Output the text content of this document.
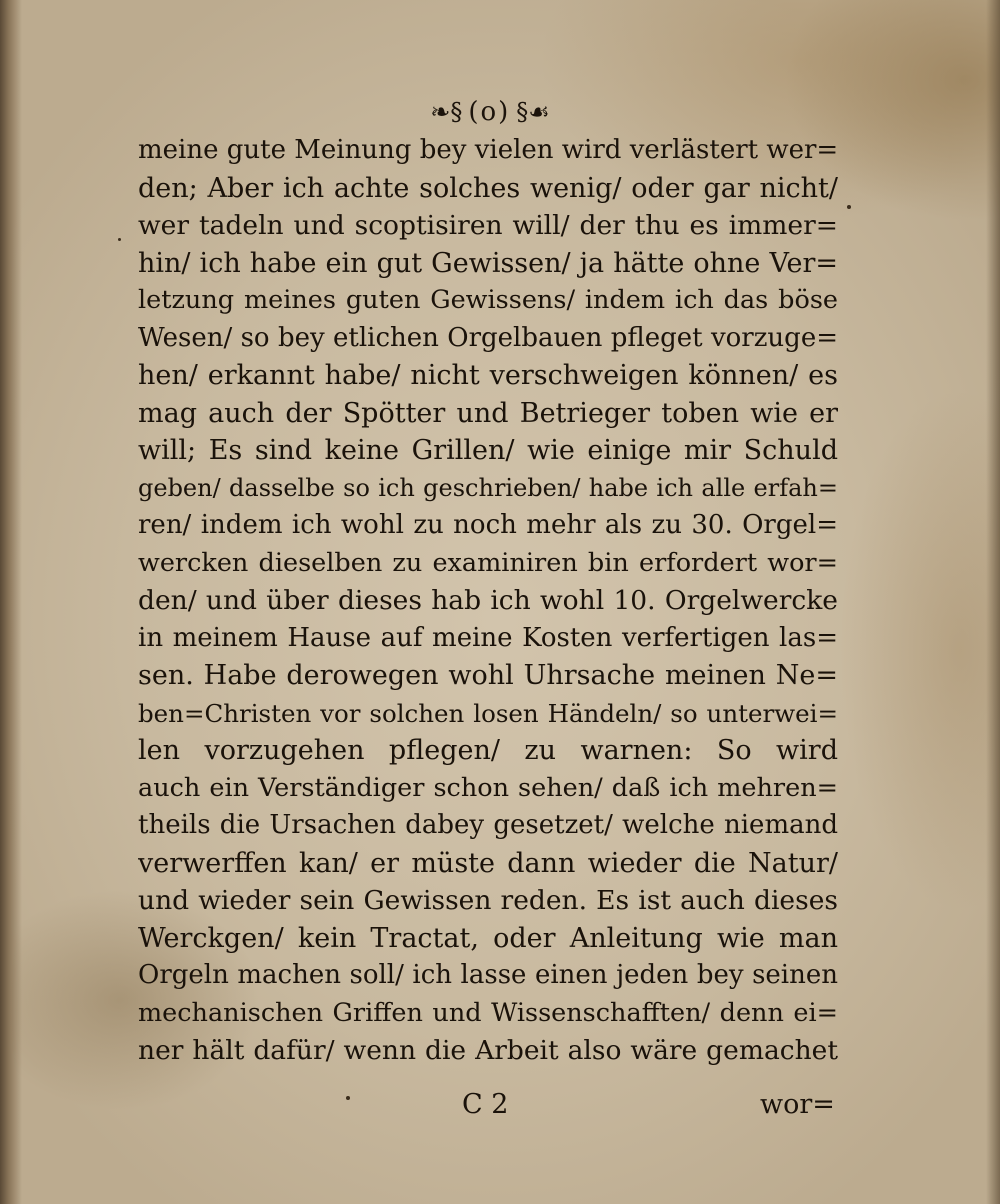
❧§ (o) §☙
meine gute Meinung bey vielen wird verlästert wer=
den; Aber ich achte solches wenig/ oder gar nicht/
wer tadeln und scoptisiren will/ der thu es immer=
hin/ ich habe ein gut Gewissen/ ja hätte ohne Ver=
letzung meines guten Gewissens/ indem ich das böse
Wesen/ so bey etlichen Orgelbauen pfleget vorzuge=
hen/ erkannt habe/ nicht verschweigen können/ es
mag auch der Spötter und Betrieger toben wie er
will; Es sind keine Grillen/ wie einige mir Schuld
geben/ dasselbe so ich geschrieben/ habe ich alle erfah=
ren/ indem ich wohl zu noch mehr als zu 30. Orgel=
wercken dieselben zu examiniren bin erfordert wor=
den/ und über dieses hab ich wohl 10. Orgelwercke
in meinem Hause auf meine Kosten verfertigen las=
sen. Habe derowegen wohl Uhrsache meinen Ne=
ben=Christen vor solchen losen Händeln/ so unterwei=
len vorzugehen pflegen/ zu warnen: So wird
auch ein Verständiger schon sehen/ daß ich mehren=
theils die Ursachen dabey gesetzet/ welche niemand
verwerffen kan/ er müste dann wieder die Natur/
und wieder sein Gewissen reden. Es ist auch dieses
Werckgen/ kein Tractat, oder Anleitung wie man
Orgeln machen soll/ ich lasse einen jeden bey seinen
mechanischen Griffen und Wissenschafften/ denn ei=
ner hält dafür/ wenn die Arbeit also wäre gemachet
C 2	wor=
